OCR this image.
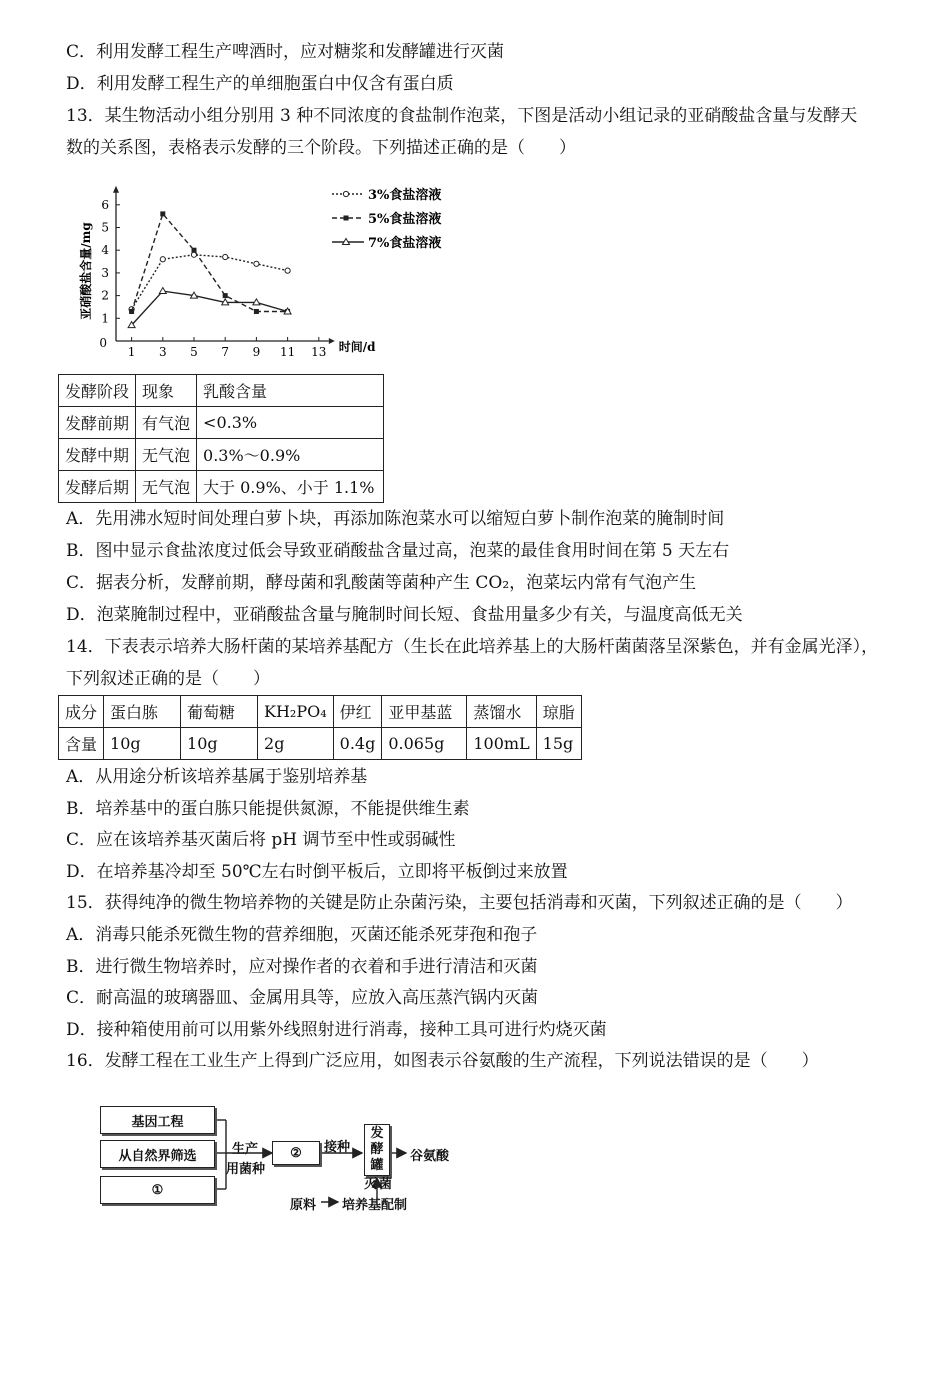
C．利用发酵工程生产啤酒时，应对糖浆和发酵罐进行灭菌
D．利用发酵工程生产的单细胞蛋白中仅含有蛋白质
13．某生物活动小组分别用 3 种不同浓度的食盐制作泡菜，下图是活动小组记录的亚硝酸盐含量与发酵天
数的关系图，表格表示发酵的三个阶段。下列描述正确的是（　　）
1 3 5 7 9 11 13
1
2
3
4
5
6
0	时间/d
亚硝酸盐含量/mg
3%食盐溶液
5%食盐溶液
7%食盐溶液
发酵阶段	现象	乳酸含量
发酵前期	有气泡	<0.3%
发酵中期	无气泡	0.3%～0.9%
发酵后期	无气泡	大于 0.9%、小于 1.1%
A．先用沸水短时间处理白萝卜块，再添加陈泡菜水可以缩短白萝卜制作泡菜的腌制时间
B．图中显示食盐浓度过低会导致亚硝酸盐含量过高，泡菜的最佳食用时间在第 5 天左右
C．据表分析，发酵前期，酵母菌和乳酸菌等菌种产生 CO₂，泡菜坛内常有气泡产生
D．泡菜腌制过程中，亚硝酸盐含量与腌制时间长短、食盐用量多少有关，与温度高低无关
14．下表表示培养大肠杆菌的某培养基配方（生长在此培养基上的大肠杆菌菌落呈深紫色，并有金属光泽），
下列叙述正确的是（　　）
成分	蛋白胨	葡萄糖	KH₂PO₄	伊红	亚甲基蓝	蒸馏水	琼脂
含量	10g	10g	2g	0.4g	0.065g	100mL	15g
A．从用途分析该培养基属于鉴别培养基
B．培养基中的蛋白胨只能提供氮源，不能提供维生素
C．应在该培养基灭菌后将 pH 调节至中性或弱碱性
D．在培养基冷却至 50℃左右时倒平板后，立即将平板倒过来放置
15．获得纯净的微生物培养物的关键是防止杂菌污染，主要包括消毒和灭菌，下列叙述正确的是（　　）
A．消毒只能杀死微生物的营养细胞，灭菌还能杀死芽孢和孢子
B．进行微生物培养时，应对操作者的衣着和手进行清洁和灭菌
C．耐高温的玻璃器皿、金属用具等，应放入高压蒸汽锅内灭菌
D．接种箱使用前可以用紫外线照射进行消毒，接种工具可进行灼烧灭菌
16．发酵工程在工业生产上得到广泛应用，如图表示谷氨酸的生产流程，下列说法错误的是（　　）
基因工程
从自然界筛选
①
生产
用菌种
②	接种
发
酵
罐
谷氨酸
灭菌
原料 培养基配制
